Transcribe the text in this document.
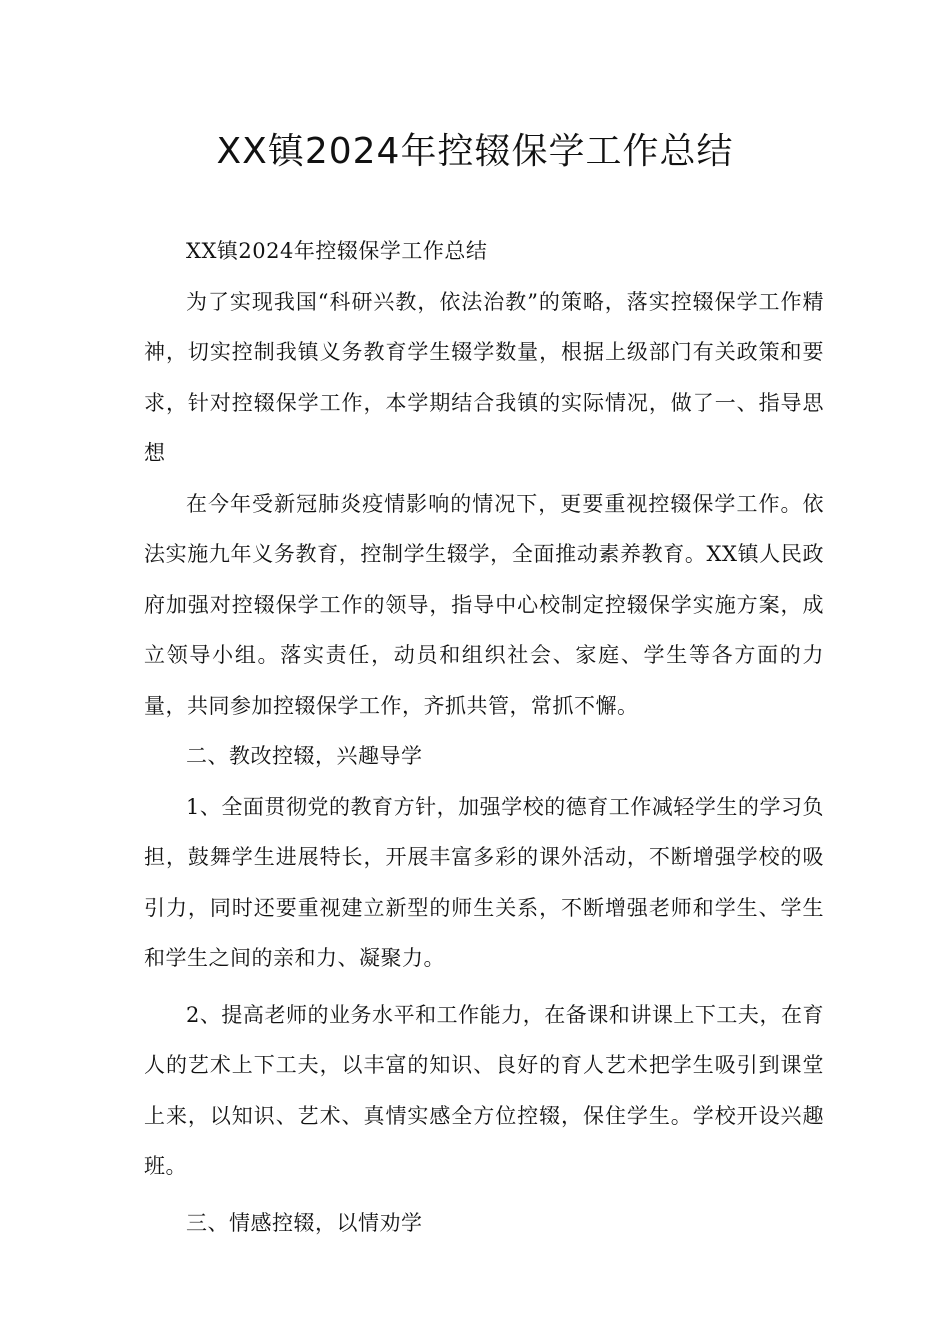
XX镇2024年控辍保学工作总结

XX镇2024年控辍保学工作总结

为了实现我国“科研兴教，依法治教”的策略，落实控辍保学工作精神，切实控制我镇义务教育学生辍学数量，根据上级部门有关政策和要求，针对控辍保学工作，本学期结合我镇的实际情况，做了一、指导思想

在今年受新冠肺炎疫情影响的情况下，更要重视控辍保学工作。依法实施九年义务教育，控制学生辍学，全面推动素养教育。XX镇人民政府加强对控辍保学工作的领导，指导中心校制定控辍保学实施方案，成立领导小组。落实责任，动员和组织社会、家庭、学生等各方面的力量，共同参加控辍保学工作，齐抓共管，常抓不懈。

二、教改控辍，兴趣导学

1、全面贯彻党的教育方针，加强学校的德育工作减轻学生的学习负担，鼓舞学生进展特长，开展丰富多彩的课外活动，不断增强学校的吸引力，同时还要重视建立新型的师生关系，不断增强老师和学生、学生和学生之间的亲和力、凝聚力。

2、提高老师的业务水平和工作能力，在备课和讲课上下工夫，在育人的艺术上下工夫，以丰富的知识、良好的育人艺术把学生吸引到课堂上来，以知识、艺术、真情实感全方位控辍，保住学生。学校开设兴趣班。

三、情感控辍，以情劝学
